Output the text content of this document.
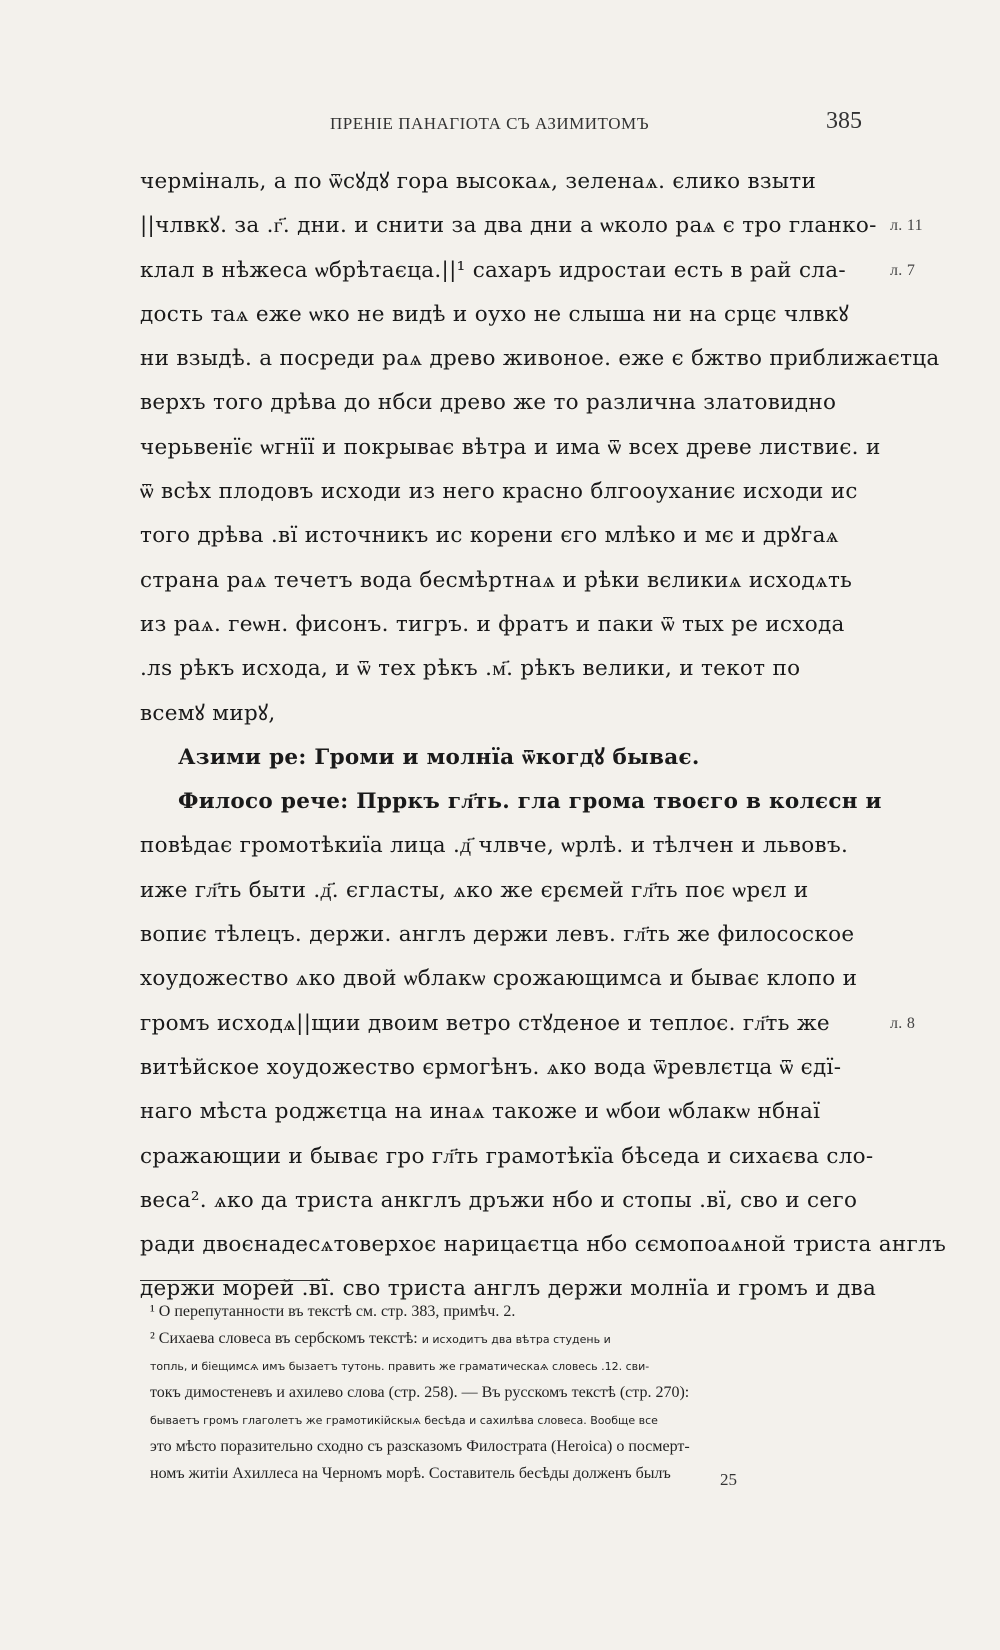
ПРЕНІЕ ПАНАГІОТА СЪ АЗИМИТОМЪ	385
черміналь, а по ѿсꙋдꙋ гора высокаѧ, зеленаѧ. єлико взыти
||члвкꙋ. за .г҃. дни. и снити за два дни а ѡколо раѧ є тро гланко- л. 11
клал в нѣжеса ѡбрѣтаєца.||¹ сахаръ идростаи есть в рай сла-	л. 7
дость таѧ еже ѡко не видѣ и оухо не слыша ни на срцє члвкꙋ
ни взыдѣ. а посреди раѧ древо живоное. еже є бжтво приближаєтца
верхъ того дрѣва до нбси древо же то различна златовидно
черьвенїє ѡгнїї и покрыває вѣтра и има ѿ всех древе листвиє. и
ѿ всѣх плодовъ исходи из него красно блгооуханиє исходи ис
того дрѣва .вї источникъ ис корени єго млѣко и мє и дрꙋгаѧ
страна раѧ течетъ вода бесмѣртнаѧ и рѣки вєликиѧ исходѧть
из раѧ. геѡн. фисонъ. тигръ. и фратъ и паки ѿ тых ре исхода
.лѕ рѣкъ исхода, и ѿ тех рѣкъ .м҃. рѣкъ велики, и текот по
всемꙋ мирꙋ,
Азими ре: Громи и молнїа ѿкогдꙋ быває.
Филосо рече: Прркъ гл҃ть. гла грома твоєго в колєсн и
повѣдає громотѣкиїа лица .д҃ члвче, ѡрлѣ. и тѣлчен и львовъ.
иже гл҃ть быти .д҃. єгласты, ѧко же єрємей гл҃ть поє ѡрєл и
вопиє тѣлецъ. держи. англъ держи левъ. гл҃ть же филосоское
хоудожество ѧко двой ѡблакѡ срожающимса и быває клопо и
громъ исходѧ||щии двоим ветро стꙋденое и теплоє. гл҃ть же	л. 8
витѣйское хоудожество єрмогѣнъ. ѧко вода ѿревлєтца ѿ єдї-
наго мѣста роджєтца на инаѧ такоже и ѡбои ѡблакѡ нбнаї
сражающии и быває гро гл҃ть грамотѣкїа бѣседа и сихаєва сло-
веса². ѧко да триста анкглъ дръжи нбо и стопы .вї, сво и сего
ради двоєнадесѧтоверхоє нарицаєтца нбо сємопоаѧной триста англъ
держи морей .вї. сво триста англъ держи молнїа и громъ и два
¹ О перепутанности въ текстѣ см. стр. 383, примѣч. 2.
² Сихаева словеса въ сербскомъ текстѣ: и исходитъ два вѣтра студень и
топль, и біещимсѧ имъ бызаетъ тутонь. править же граматическаѧ словесь .12. сви-
токъ димостеневъ и ахилево слова (стр. 258). — Въ русскомъ текстѣ (стр. 270):
бываетъ громъ глаголетъ же грамотикійскыѧ бесѣда и сахилѣва словеса. Вообще все
это мѣсто поразительно сходно съ разсказомъ Филострата (Heroica) о посмерт-
номъ житіи Ахиллеса на Черномъ морѣ. Составитель бесѣды долженъ былъ	25
